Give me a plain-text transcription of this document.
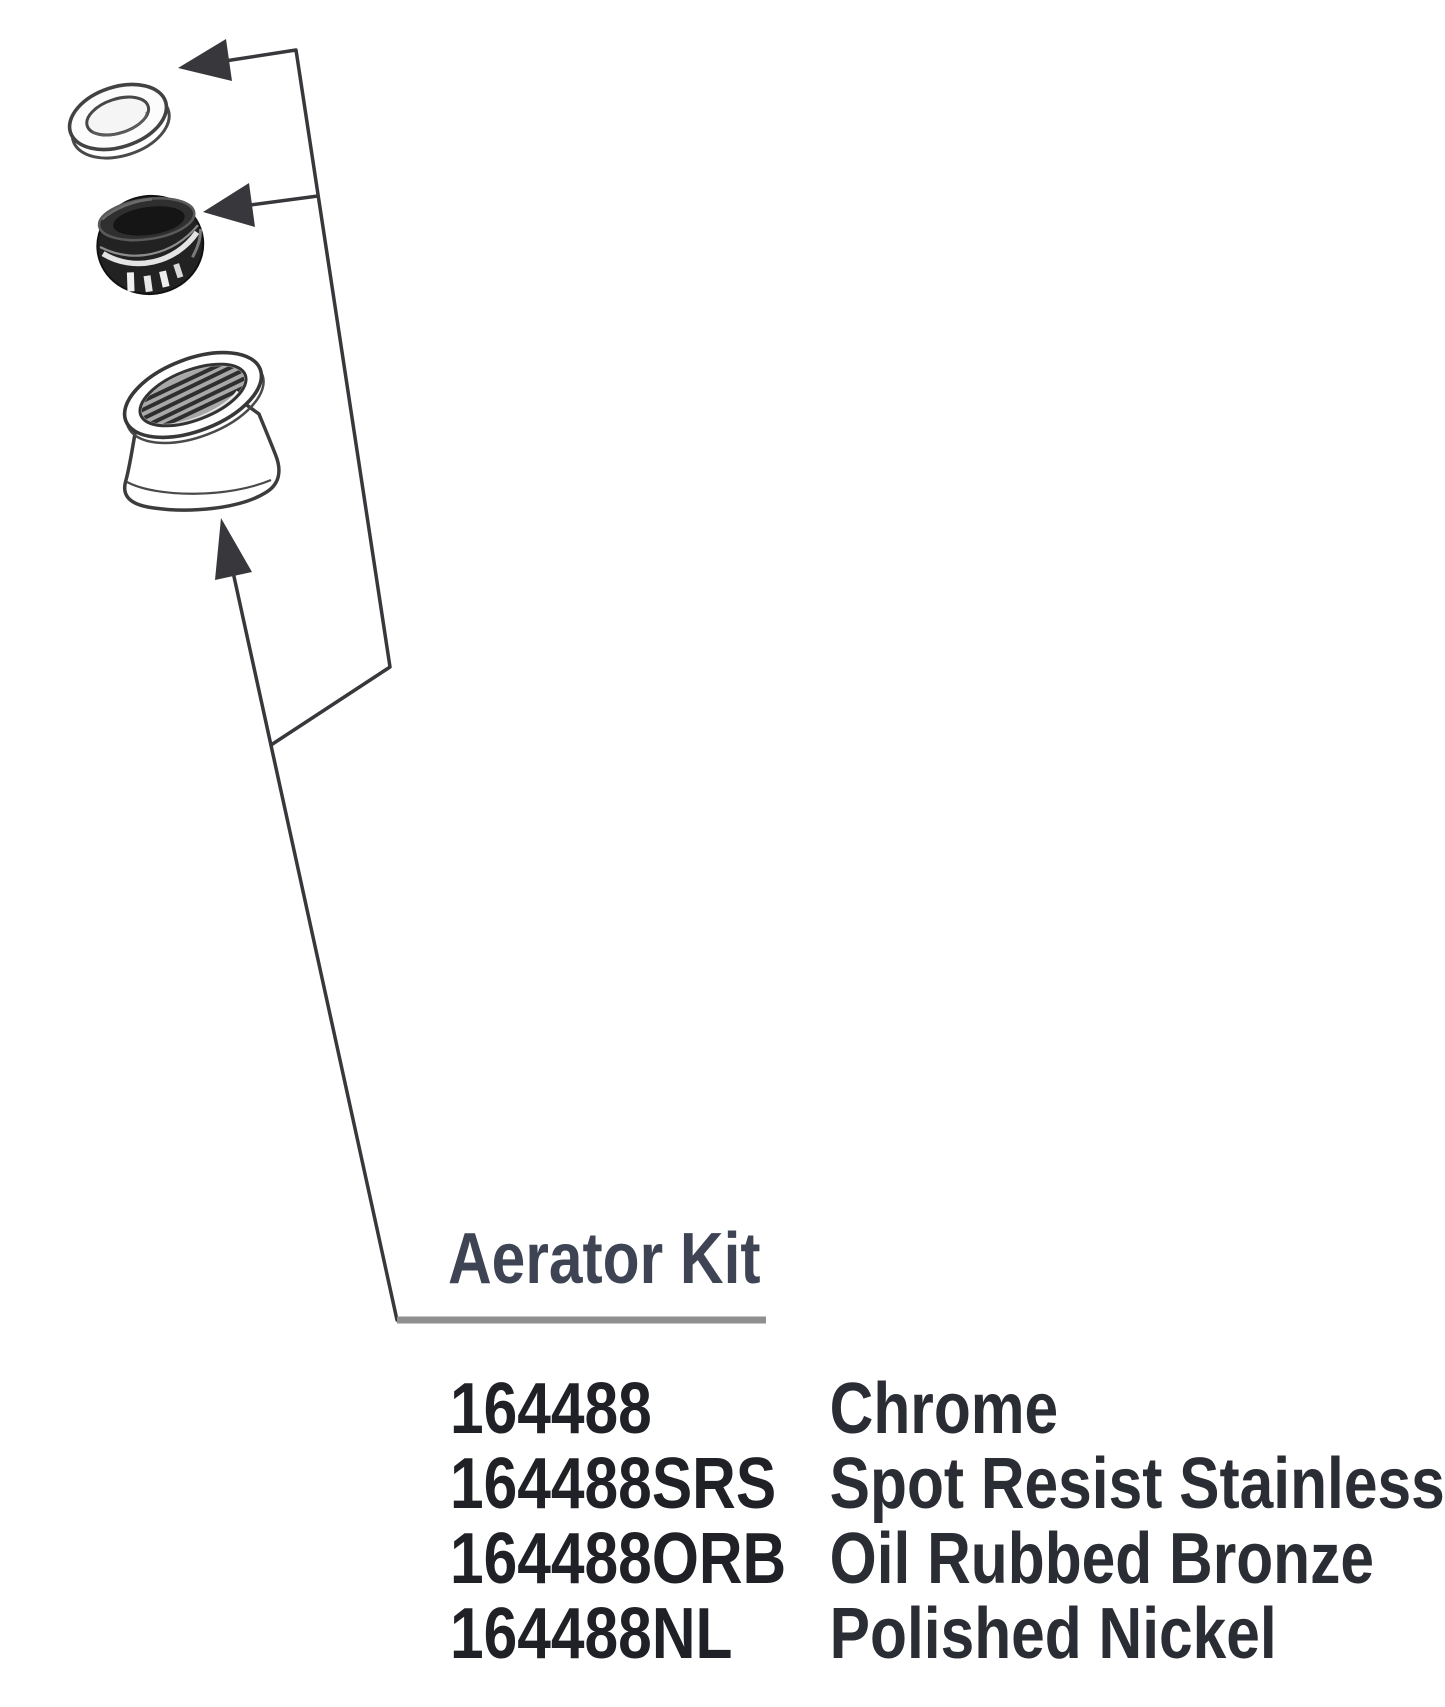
Aerator Kit
164488 Chrome
164488SRS Spot Resist Stainless
164488ORB Oil Rubbed Bronze
164488NL Polished Nickel
